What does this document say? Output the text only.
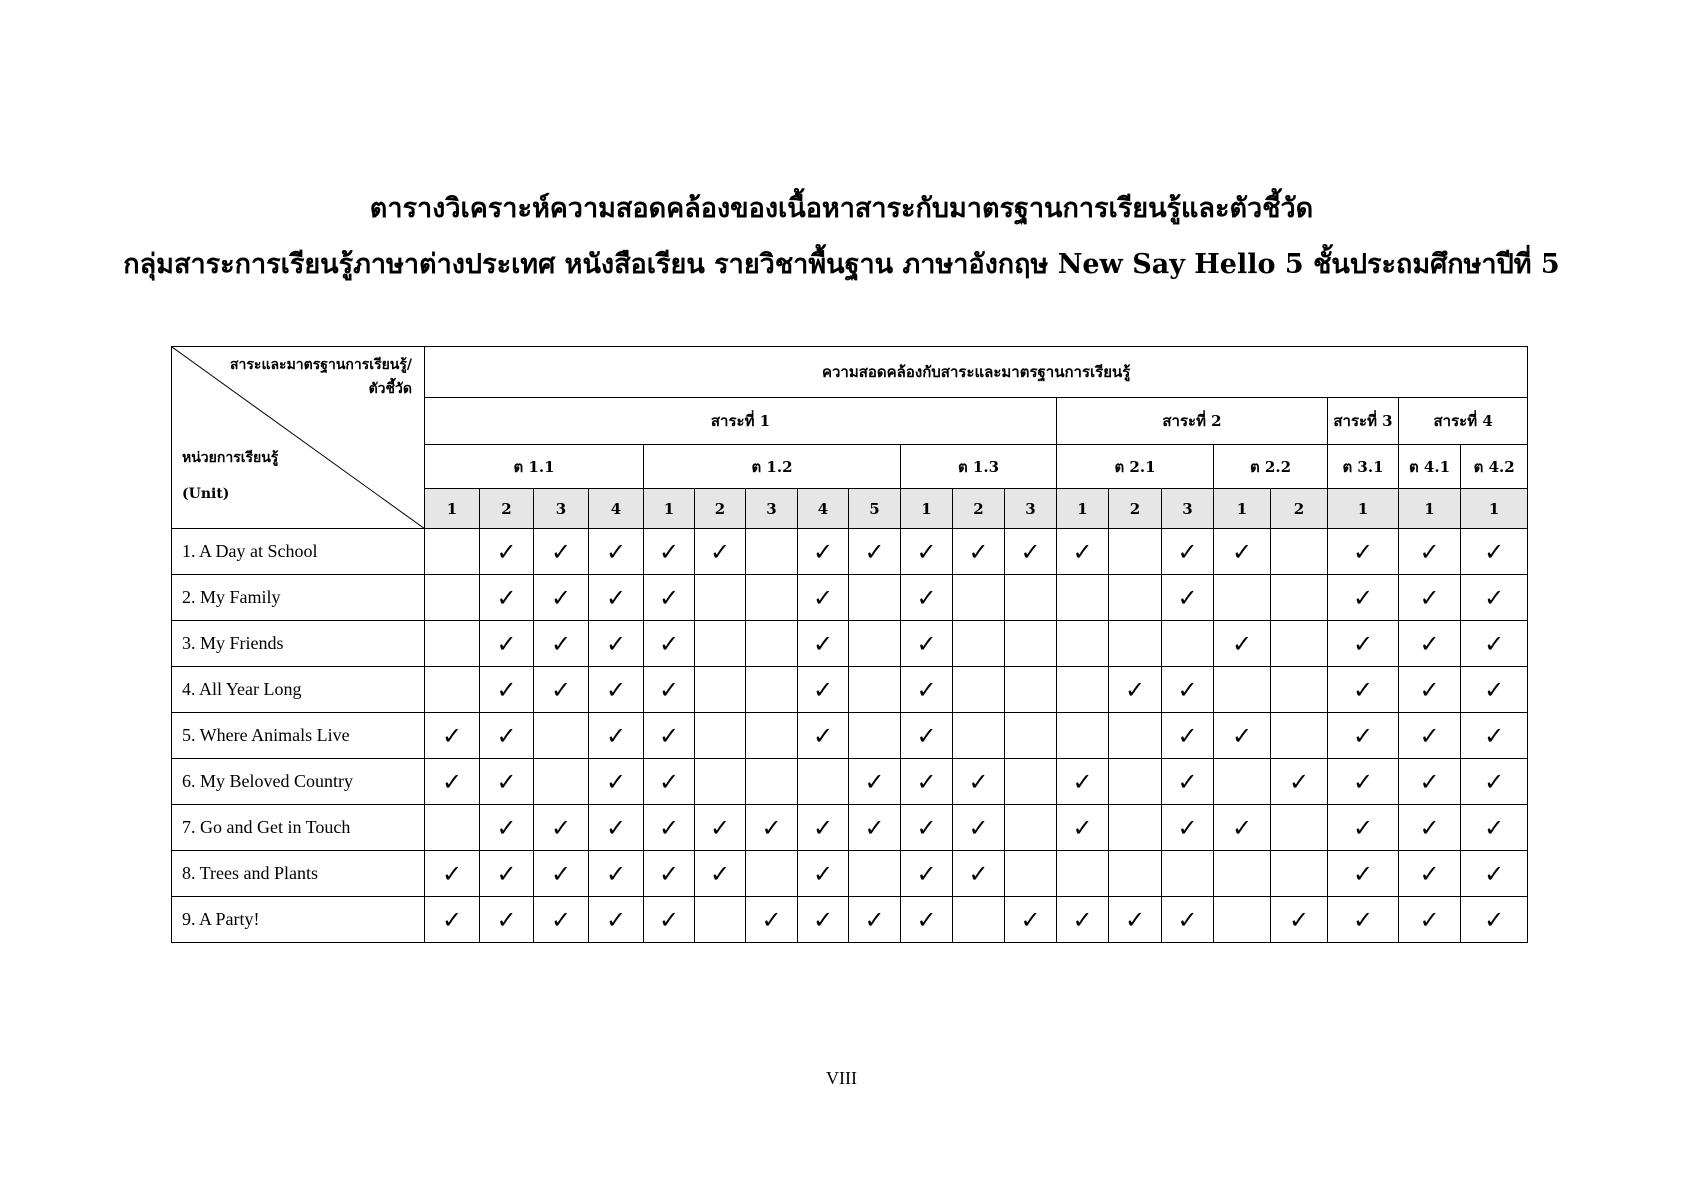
ตารางวิเคราะห์ความสอดคล้องของเนื้อหาสาระกับมาตรฐานการเรียนรู้และตัวชี้วัด
กลุ่มสาระการเรียนรู้ภาษาต่างประเทศ หนังสือเรียน รายวิชาพื้นฐาน ภาษาอังกฤษ New Say Hello 5 ชั้นประถมศึกษาปีที่ 5
สาระและมาตรฐานการเรียนรู้/
ตัวชี้วัด
หน่วยการเรียนรู้
(Unit)	ความสอดคล้องกับสาระและมาตรฐานการเรียนรู้																			
	สาระที่ 1												สาระที่ 2					สาระที่ 3	สาระที่ 4	
	ต 1.1				ต 1.2					ต 1.3			ต 2.1			ต 2.2		ต 3.1	ต 4.1	ต 4.2
	1	2	3	4	1	2	3	4	5	1	2	3	1	2	3	1	2	1	1	1
1. A Day at School		✓	✓	✓	✓	✓		✓	✓	✓	✓	✓	✓		✓	✓		✓	✓	✓
2. My Family		✓	✓	✓	✓			✓		✓					✓			✓	✓	✓
3. My Friends		✓	✓	✓	✓			✓		✓						✓		✓	✓	✓
4. All Year Long		✓	✓	✓	✓			✓		✓				✓	✓			✓	✓	✓
5. Where Animals Live	✓	✓		✓	✓			✓		✓					✓	✓		✓	✓	✓
6. My Beloved Country	✓	✓		✓	✓				✓	✓	✓		✓		✓		✓	✓	✓	✓
7. Go and Get in Touch		✓	✓	✓	✓	✓	✓	✓	✓	✓	✓		✓		✓	✓		✓	✓	✓
8. Trees and Plants	✓	✓	✓	✓	✓	✓		✓		✓	✓							✓	✓	✓
9. A Party!	✓	✓	✓	✓	✓		✓	✓	✓	✓		✓	✓	✓	✓		✓	✓	✓	✓
VIII
